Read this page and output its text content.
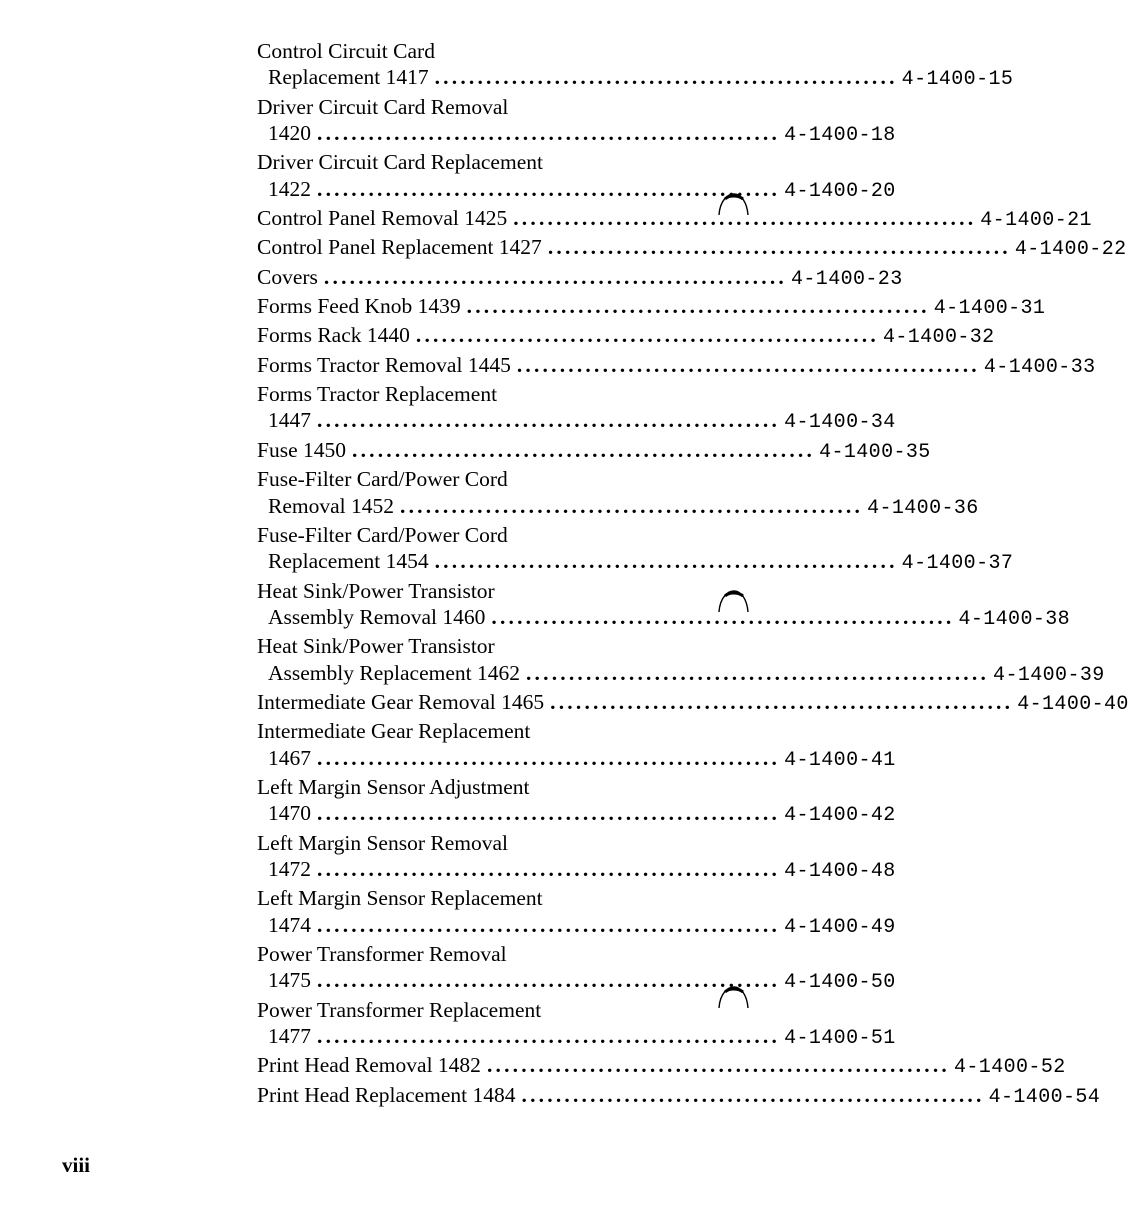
Control Circuit Card
Replacement 1417 ...................................................... 4-1400-15
Driver Circuit Card Removal
1420 ...................................................... 4-1400-18
Driver Circuit Card Replacement
1422 ...................................................... 4-1400-20
Control Panel Removal 1425 ...................................................... 4-1400-21
Control Panel Replacement 1427 ...................................................... 4-1400-22
Covers ...................................................... 4-1400-23
Forms Feed Knob 1439 ...................................................... 4-1400-31
Forms Rack 1440 ...................................................... 4-1400-32
Forms Tractor Removal 1445 ...................................................... 4-1400-33
Forms Tractor Replacement
1447 ...................................................... 4-1400-34
Fuse 1450 ...................................................... 4-1400-35
Fuse-Filter Card/Power Cord
Removal 1452 ...................................................... 4-1400-36
Fuse-Filter Card/Power Cord
Replacement 1454 ...................................................... 4-1400-37
Heat Sink/Power Transistor
Assembly Removal 1460 ...................................................... 4-1400-38
Heat Sink/Power Transistor
Assembly Replacement 1462 ...................................................... 4-1400-39
Intermediate Gear Removal 1465 ...................................................... 4-1400-40
Intermediate Gear Replacement
1467 ...................................................... 4-1400-41
Left Margin Sensor Adjustment
1470 ...................................................... 4-1400-42
Left Margin Sensor Removal
1472 ...................................................... 4-1400-48
Left Margin Sensor Replacement
1474 ...................................................... 4-1400-49
Power Transformer Removal
1475 ...................................................... 4-1400-50
Power Transformer Replacement
1477 ...................................................... 4-1400-51
Print Head Removal 1482 ...................................................... 4-1400-52
Print Head Replacement 1484 ...................................................... 4-1400-54
viii
